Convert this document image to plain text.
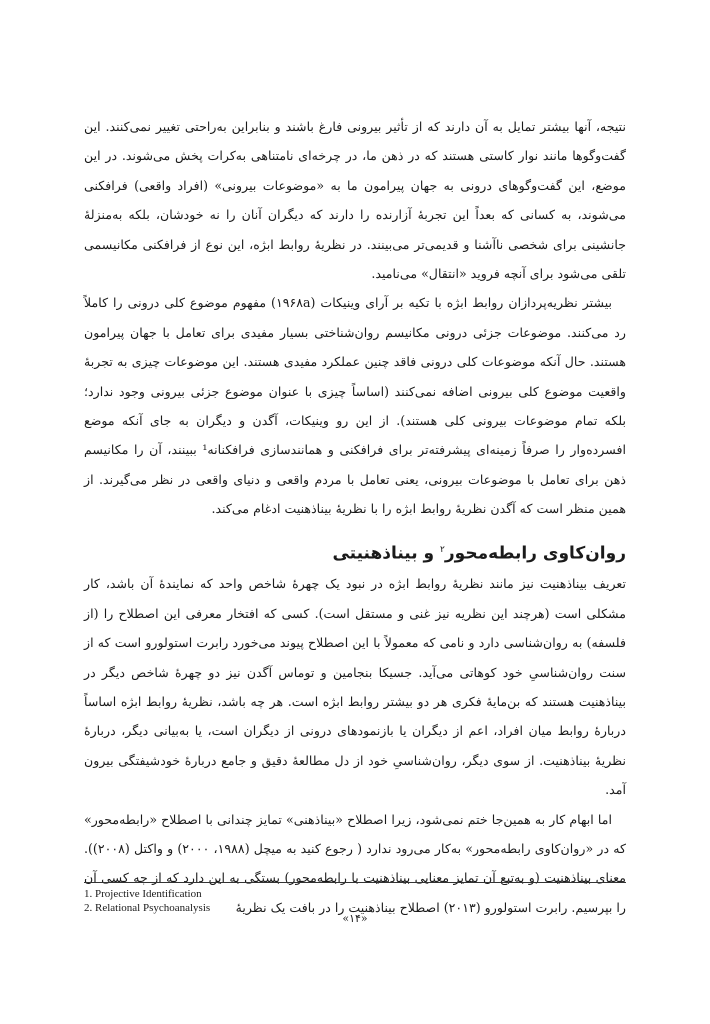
نتیجه، آنها بیشتر تمایل به آن دارند که از تأثیر بیرونی فارغ باشند و بنابراین به‌راحتی تغییر نمی‌کنند. این گفت‌وگوها مانند نوار کاستی هستند که در ذهن ما، در چرخه‌ای نامتناهی به‌کرات پخش می‌شوند. در این موضع، این گفت‌وگوهای درونی به جهان پیرامون ما به «موضوعات بیرونی» (افراد واقعی) فرافکنی می‌شوند، به کسانی که بعداً این تجربهٔ آزارنده را دارند که دیگران آنان را نه خودشان، بلکه به‌منزلهٔ جانشینی برای شخصی ناآشنا و قدیمی‌تر می‌بینند. در نظریهٔ روابط ابژه، این نوع از فرافکنی مکانیسمی تلقی می‌شود برای آنچه فروید «انتقال» می‌نامید.

بیشتر نظریه‌پردازان روابط ابژه با تکیه بر آرای وینیکات (۱۹۶۸a) مفهوم موضوع کلی درونی را کاملاً رد می‌کنند. موضوعات جزئی درونی مکانیسم روان‌شناختی بسیار مفیدی برای تعامل با جهان پیرامون هستند. حال آنکه موضوعات کلی درونی فاقد چنین عملکرد مفیدی هستند. این موضوعات چیزی به تجربهٔ واقعیت موضوع کلی بیرونی اضافه نمی‌کنند (اساساً چیزی با عنوان موضوع جزئی بیرونی وجود ندارد؛ بلکه تمام موضوعات بیرونی کلی هستند). از این رو وینیکات، آگدن و دیگران به جای آنکه موضع افسرده‌وار را صرفاً زمینه‌ای پیشرفته‌تر برای فرافکنی و همانندسازی فرافکنانه¹ ببینند، آن را مکانیسم ذهن برای تعامل با موضوعات بیرونی، یعنی تعامل با مردم واقعی و دنیای واقعی در نظر می‌گیرند. از همین منظر است که آگدن نظریهٔ روابط ابژه را با نظریهٔ بیناذهنیت ادغام می‌کند.

روان‌کاوی رابطه‌محور$^۲$ و بیناذهنیتی

تعریف بیناذهنیت نیز مانند نظریهٔ روابط ابژه در نبود یک چهرهٔ شاخص واحد که نمایندهٔ آن باشد، کار مشکلی است (هرچند این نظریه نیز غنی و مستقل است). کسی که افتخار معرفی این اصطلاح را (از فلسفه) به روان‌شناسی دارد و نامی که معمولاً با این اصطلاح پیوند می‌خورد رابرت استولورو است که از سنت روان‌شناسیِ خود کوهاتی می‌آید. جسیکا بنجامین و توماس آگدن نیز دو چهرهٔ شاخص دیگر در بیناذهنیت هستند که بن‌مایهٔ فکری هر دو بیشتر روابط ابژه است. هر چه باشد، نظریهٔ روابط ابژه اساساً دربارهٔ روابط میان افراد، اعم از دیگران یا بازنمودهای درونی از دیگران است، یا به‌بیانی دیگر، دربارهٔ نظریهٔ بیناذهنیت. از سوی دیگر، روان‌شناسیِ خود از دل مطالعهٔ دقیق و جامع دربارهٔ خودشیفتگی بیرون آمد.

اما ابهام کار به همین‌جا ختم نمی‌شود، زیرا اصطلاح «بیناذهنی» تمایز چندانی با اصطلاح «رابطه‌محور» که در «روان‌کاوی رابطه‌محور» به‌کار می‌رود ندارد ( رجوع کنید به میچل (۱۹۸۸، ۲۰۰۰) و واکتل (۲۰۰۸)). معنای بیناذهنیت (و به‌تبع آن تمایز معنایی بیناذهنیت با رابطه‌محور) بستگی به این دارد که از چه کسی آن را بپرسیم. رابرت استولورو (۲۰۱۳) اصطلاح بیناذهنیت را در بافت یک نظریهٔ

1. Projective Identification
2. Relational Psychoanalysis
«۱۴»
